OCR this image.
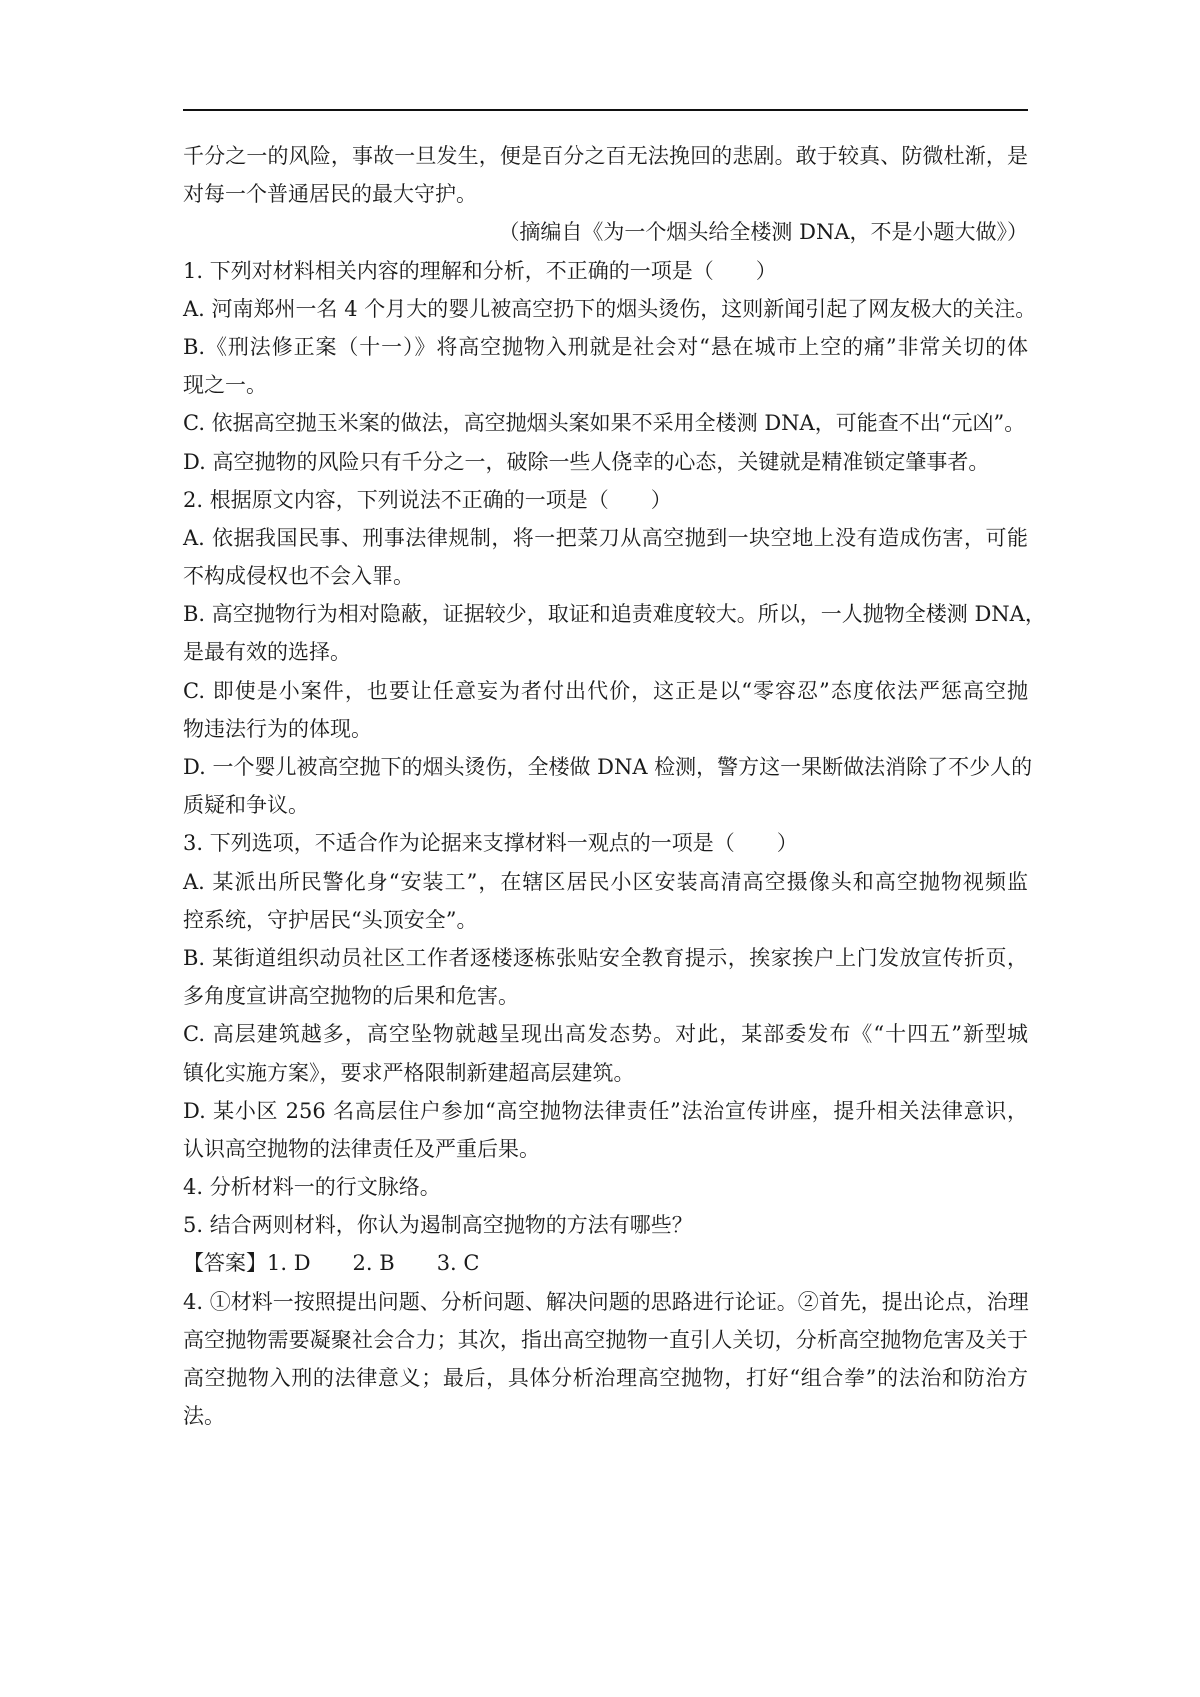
千分之一的风险，事故一旦发生，便是百分之百无法挽回的悲剧。敢于较真、防微杜渐，是
对每一个普通居民的最大守护。
（摘编自《为一个烟头给全楼测 DNA，不是小题大做》）
1. 下列对材料相关内容的理解和分析，不正确的一项是（　　）
A. 河南郑州一名 4 个月大的婴儿被高空扔下的烟头烫伤，这则新闻引起了网友极大的关注。
B.《刑法修正案（十一）》将高空抛物入刑就是社会对“悬在城市上空的痛”非常关切的体
现之一。
C. 依据高空抛玉米案的做法，高空抛烟头案如果不采用全楼测 DNA，可能查不出“元凶”。
D. 高空抛物的风险只有千分之一，破除一些人侥幸的心态，关键就是精准锁定肇事者。
2. 根据原文内容，下列说法不正确的一项是（　　）
A. 依据我国民事、刑事法律规制，将一把菜刀从高空抛到一块空地上没有造成伤害，可能
不构成侵权也不会入罪。
B. 高空抛物行为相对隐蔽，证据较少，取证和追责难度较大。所以，一人抛物全楼测 DNA，
是最有效的选择。
C. 即使是小案件，也要让任意妄为者付出代价，这正是以“零容忍”态度依法严惩高空抛
物违法行为的体现。
D. 一个婴儿被高空抛下的烟头烫伤，全楼做 DNA 检测，警方这一果断做法消除了不少人的
质疑和争议。
3. 下列选项，不适合作为论据来支撑材料一观点的一项是（　　）
A. 某派出所民警化身“安装工”，在辖区居民小区安装高清高空摄像头和高空抛物视频监
控系统，守护居民“头顶安全”。
B. 某街道组织动员社区工作者逐楼逐栋张贴安全教育提示，挨家挨户上门发放宣传折页，
多角度宣讲高空抛物的后果和危害。
C. 高层建筑越多，高空坠物就越呈现出高发态势。对此，某部委发布《“十四五”新型城
镇化实施方案》，要求严格限制新建超高层建筑。
D. 某小区 256 名高层住户参加“高空抛物法律责任”法治宣传讲座，提升相关法律意识，
认识高空抛物的法律责任及严重后果。
4. 分析材料一的行文脉络。
5. 结合两则材料，你认为遏制高空抛物的方法有哪些？
【答案】1. D　　2. B　　3. C
4. ①材料一按照提出问题、分析问题、解决问题的思路进行论证。②首先，提出论点，治理
高空抛物需要凝聚社会合力；其次，指出高空抛物一直引人关切，分析高空抛物危害及关于
高空抛物入刑的法律意义；最后，具体分析治理高空抛物，打好“组合拳”的法治和防治方
法。
